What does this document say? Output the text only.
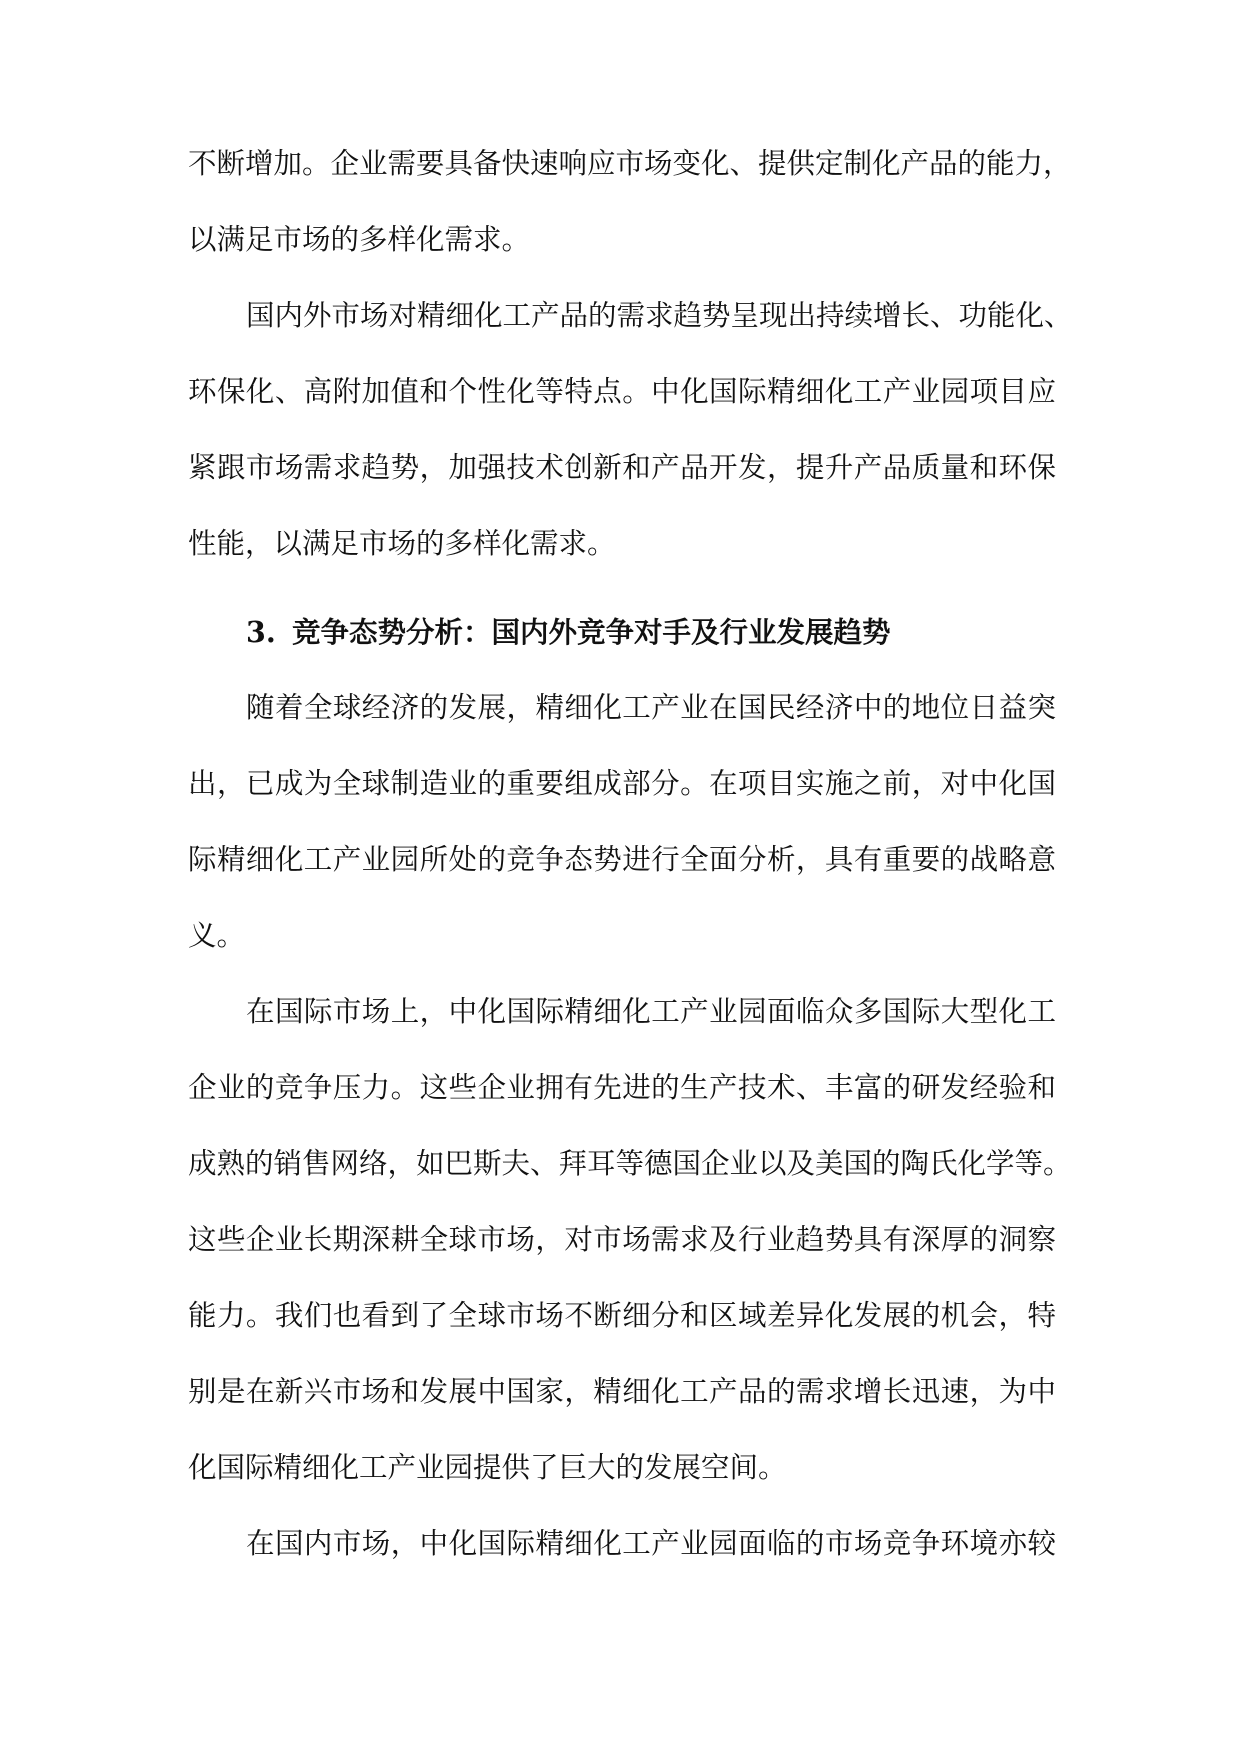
不断增加。企业需要具备快速响应市场变化、提供定制化产品的能力，
以满足市场的多样化需求。
国内外市场对精细化工产品的需求趋势呈现出持续增长、功能化、
环保化、高附加值和个性化等特点。中化国际精细化工产业园项目应
紧跟市场需求趋势，加强技术创新和产品开发，提升产品质量和环保
性能，以满足市场的多样化需求。
3. 竞争态势分析：国内外竞争对手及行业发展趋势
随着全球经济的发展，精细化工产业在国民经济中的地位日益突
出，已成为全球制造业的重要组成部分。在项目实施之前，对中化国
际精细化工产业园所处的竞争态势进行全面分析，具有重要的战略意
义。
在国际市场上，中化国际精细化工产业园面临众多国际大型化工
企业的竞争压力。这些企业拥有先进的生产技术、丰富的研发经验和
成熟的销售网络，如巴斯夫、拜耳等德国企业以及美国的陶氏化学等。
这些企业长期深耕全球市场，对市场需求及行业趋势具有深厚的洞察
能力。我们也看到了全球市场不断细分和区域差异化发展的机会，特
别是在新兴市场和发展中国家，精细化工产品的需求增长迅速，为中
化国际精细化工产业园提供了巨大的发展空间。
在国内市场，中化国际精细化工产业园面临的市场竞争环境亦较
